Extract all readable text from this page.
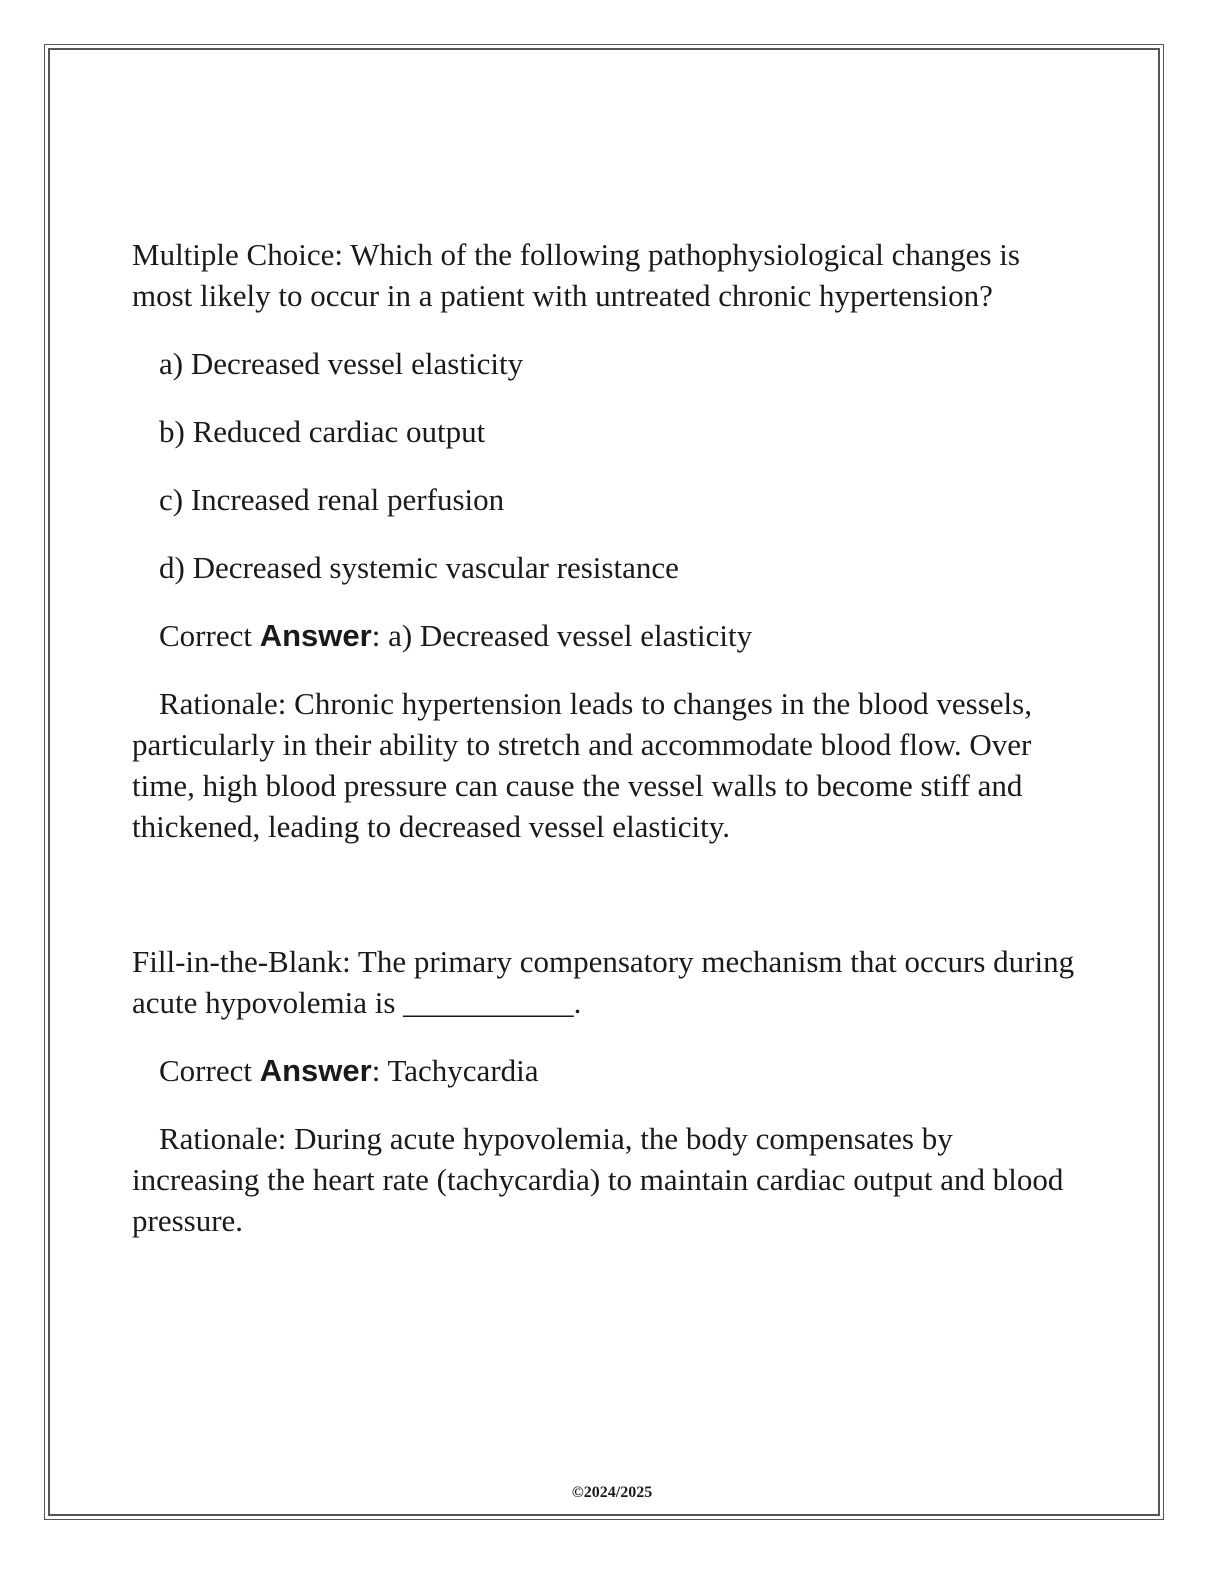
Multiple Choice: Which of the following pathophysiological changes is most likely to occur in a patient with untreated chronic hypertension?

a) Decreased vessel elasticity

b) Reduced cardiac output

c) Increased renal perfusion

d) Decreased systemic vascular resistance

Correct Answer: a) Decreased vessel elasticity

Rationale: Chronic hypertension leads to changes in the blood vessels, particularly in their ability to stretch and accommodate blood flow. Over time, high blood pressure can cause the vessel walls to become stiff and thickened, leading to decreased vessel elasticity.

Fill-in-the-Blank: The primary compensatory mechanism that occurs during acute hypovolemia is ___________.

Correct Answer: Tachycardia

Rationale: During acute hypovolemia, the body compensates by increasing the heart rate (tachycardia) to maintain cardiac output and blood pressure.

©2024/2025
